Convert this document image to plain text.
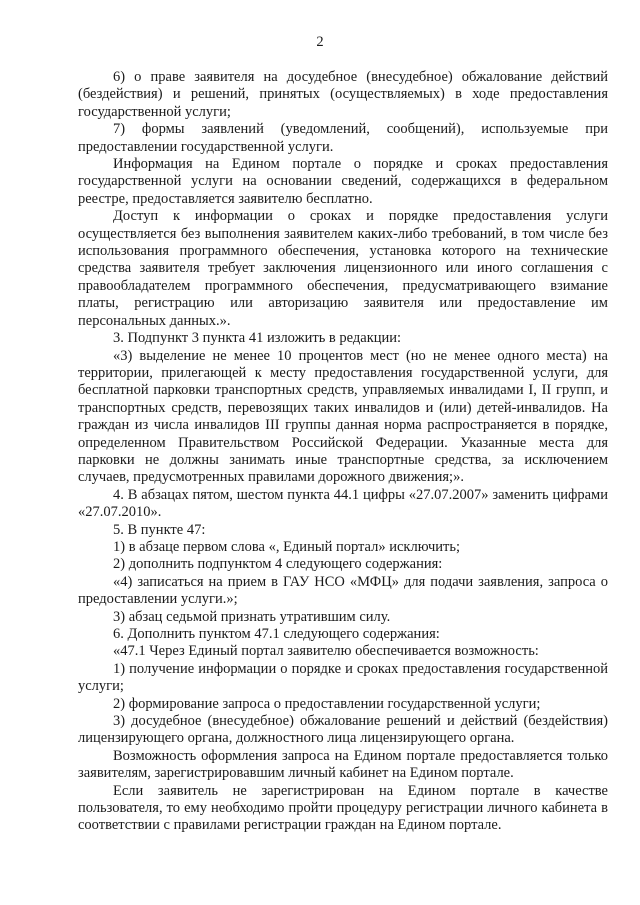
2

6) о праве заявителя на досудебное (внесудебное) обжалование действий (бездействия) и решений, принятых (осуществляемых) в ходе предоставления государственной услуги;

7) формы заявлений (уведомлений, сообщений), используемые при предоставлении государственной услуги.

Информация на Едином портале о порядке и сроках предоставления государственной услуги на основании сведений, содержащихся в федеральном реестре, предоставляется заявителю бесплатно.

Доступ к информации о сроках и порядке предоставления услуги осуществляется без выполнения заявителем каких-либо требований, в том числе без использования программного обеспечения, установка которого на технические средства заявителя требует заключения лицензионного или иного соглашения с правообладателем программного обеспечения, предусматривающего взимание платы, регистрацию или авторизацию заявителя или предоставление им персональных данных.».

3. Подпункт 3 пункта 41 изложить в редакции:

«3) выделение не менее 10 процентов мест (но не менее одного места) на территории, прилегающей к месту предоставления государственной услуги, для бесплатной парковки транспортных средств, управляемых инвалидами I, II групп, и транспортных средств, перевозящих таких инвалидов и (или) детей-инвалидов. На граждан из числа инвалидов III группы данная норма распространяется в порядке, определенном Правительством Российской Федерации. Указанные места для парковки не должны занимать иные транспортные средства, за исключением случаев, предусмотренных правилами дорожного движения;».

4. В абзацах пятом, шестом пункта 44.1 цифры «27.07.2007» заменить цифрами «27.07.2010».

5. В пункте 47:

1) в абзаце первом слова «, Единый портал» исключить;

2) дополнить подпунктом 4 следующего содержания:

«4) записаться на прием в ГАУ НСО «МФЦ» для подачи заявления, запроса о предоставлении услуги.»;

3) абзац седьмой признать утратившим силу.

6. Дополнить пунктом 47.1 следующего содержания:

«47.1 Через Единый портал заявителю обеспечивается возможность:

1) получение информации о порядке и сроках предоставления государственной услуги;

2) формирование запроса о предоставлении государственной услуги;

3) досудебное (внесудебное) обжалование решений и действий (бездействия) лицензирующего органа, должностного лица лицензирующего органа.

Возможность оформления запроса на Едином портале предоставляется только заявителям, зарегистрировавшим личный кабинет на Едином портале.

Если заявитель не зарегистрирован на Едином портале в качестве пользователя, то ему необходимо пройти процедуру регистрации личного кабинета в соответствии с правилами регистрации граждан на Едином портале.
